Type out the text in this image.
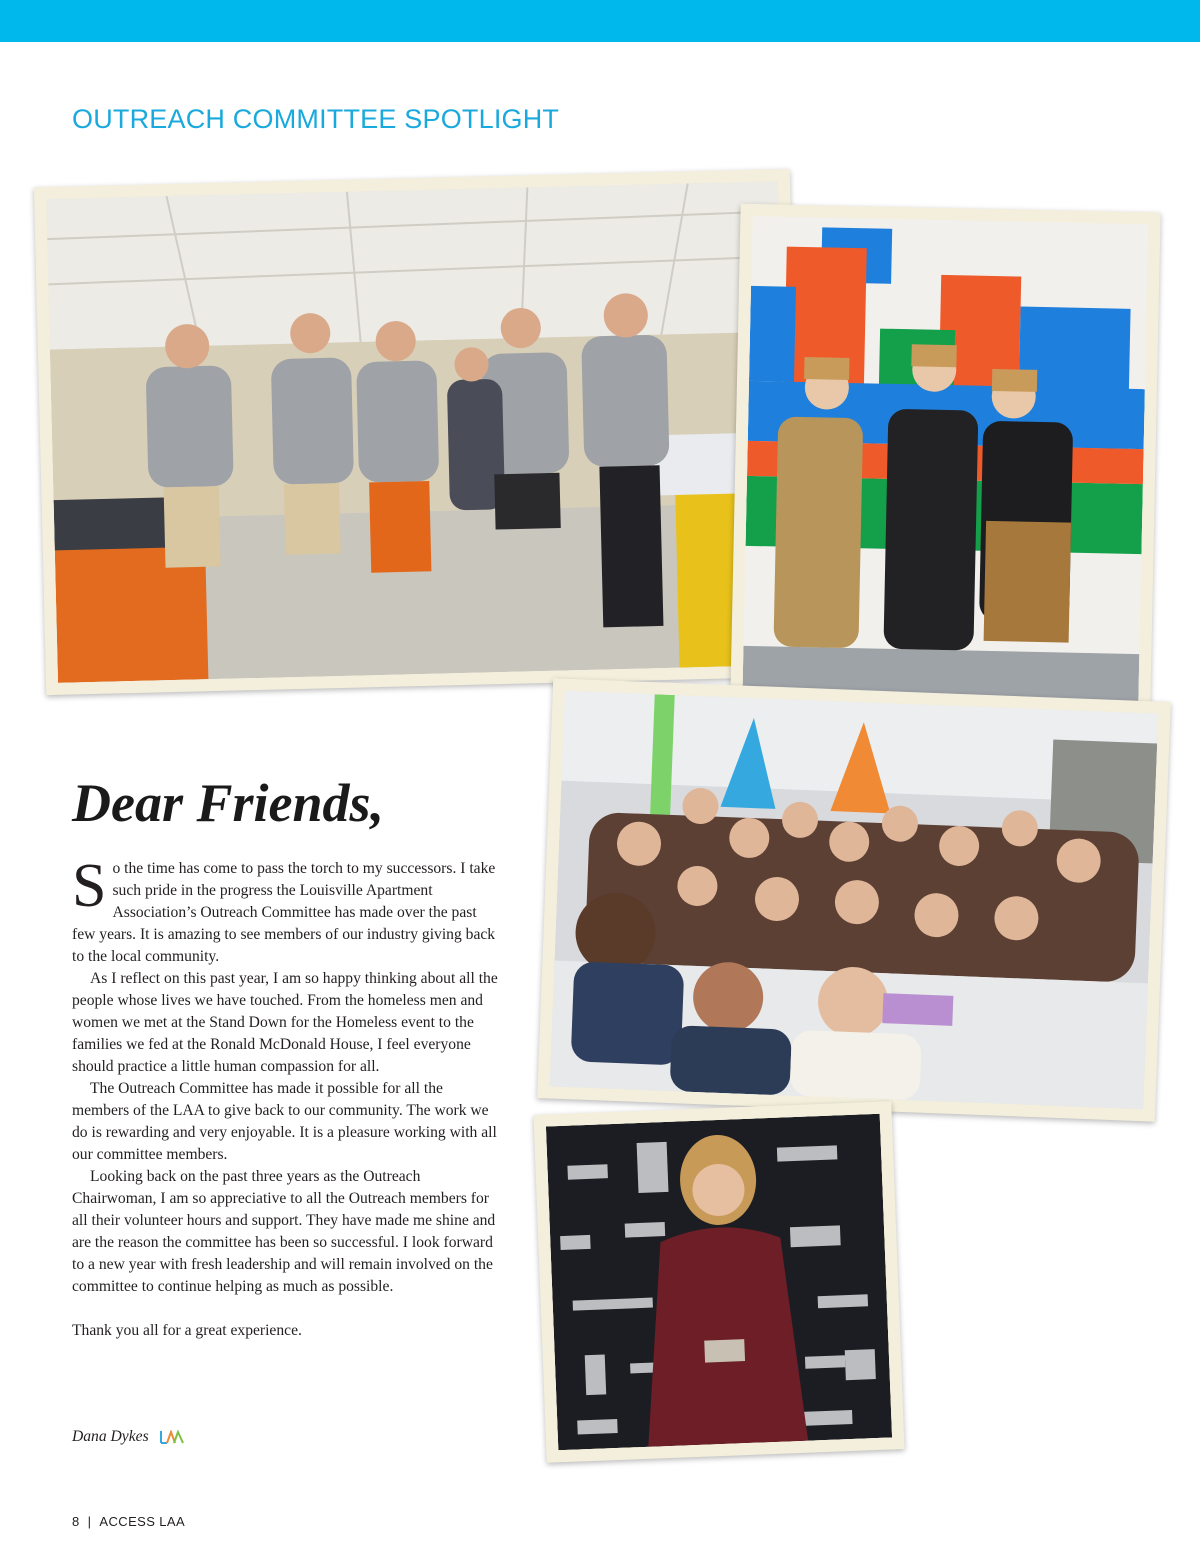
OUTREACH COMMITTEE SPOTLIGHT
Dear Friends,

So the time has come to pass the torch to my successors. I take such pride in the progress the Louisville Apartment Association’s Outreach Committee has made over the past few years. It is amazing to see members of our industry giving back to the local community.

As I reflect on this past year, I am so happy thinking about all the people whose lives we have touched. From the homeless men and women we met at the Stand Down for the Homeless event to the families we fed at the Ronald McDonald House, I feel everyone should practice a little human compassion for all.

The Outreach Committee has made it possible for all the members of the LAA to give back to our community. The work we do is rewarding and very enjoyable. It is a pleasure working with all our committee members.

Looking back on the past three years as the Outreach Chairwoman, I am so appreciative to all the Outreach members for all their volunteer hours and support. They have made me shine and are the reason the committee has been so successful. I look forward to a new year with fresh leadership and will remain involved on the committee to continue helping as much as possible.

Thank you all for a great experience.

Dana Dykes
8 | ACCESS LAA
